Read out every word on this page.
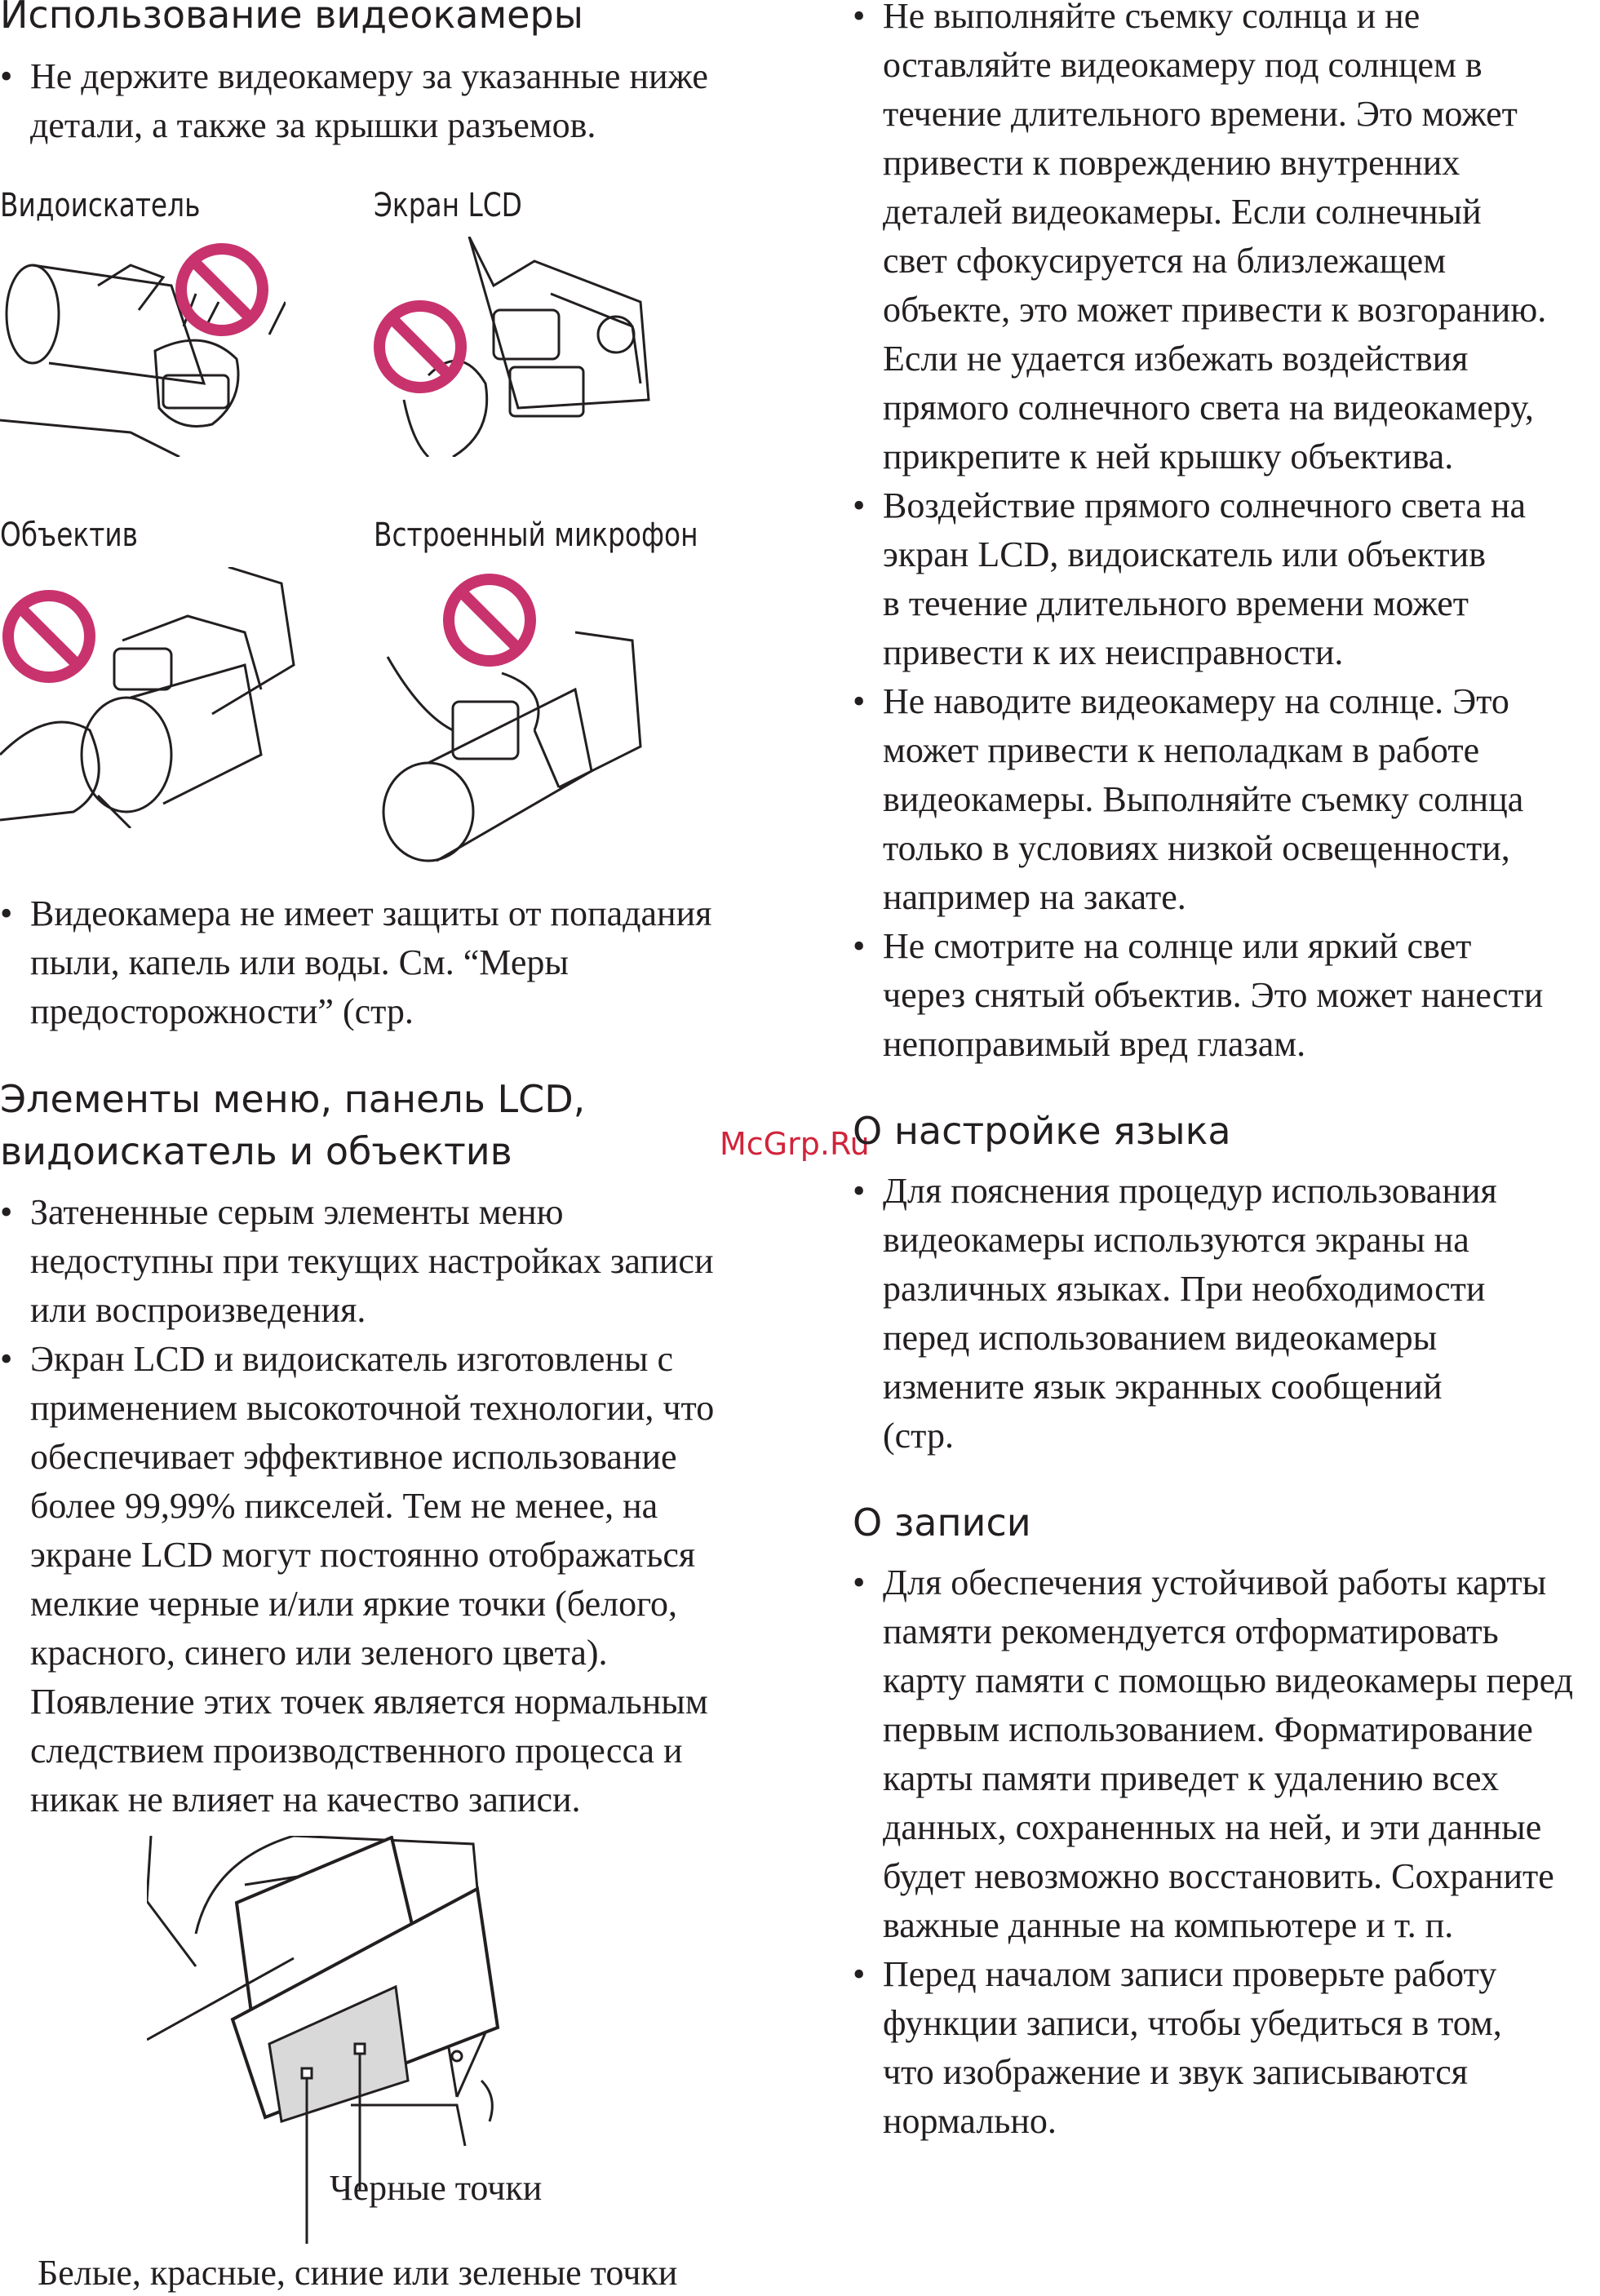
Использование видеокамеры
• Не держите видеокамеру за указанные ниже
детали, а также за крышки разъемов.
Видоискатель	Экран LCD
Объектив	Встроенный микрофон
• Видеокамера не имеет защиты от попадания
пыли, капель или воды. См. “Меры
предосторожности” (стр.
Элементы меню, панель LCD,
видоискатель и объектив
• Затененные серым элементы меню
недоступны при текущих настройках записи
или воспроизведения.
• Экран LCD и видоискатель изготовлены с
применением высокоточной технологии, что
обеспечивает эффективное использование
более 99,99% пикселей. Тем не менее, на
экране LCD могут постоянно отображаться
мелкие черные и/или яркие точки (белого,
красного, синего или зеленого цвета).
Появление этих точек является нормальным
следствием производственного процесса и
никак не влияет на качество записи.
Черные точки
Белые, красные, синие или зеленые точки
McGrp.Ru
• Не выполняйте съемку солнца и не
оставляйте видеокамеру под солнцем в
течение длительного времени. Это может
привести к повреждению внутренних
деталей видеокамеры. Если солнечный
свет сфокусируется на близлежащем
объекте, это может привести к возгоранию.
Если не удается избежать воздействия
прямого солнечного света на видеокамеру,
прикрепите к ней крышку объектива.
• Воздействие прямого солнечного света на
экран LCD, видоискатель или объектив
в течение длительного времени может
привести к их неисправности.
• Не наводите видеокамеру на солнце. Это
может привести к неполадкам в работе
видеокамеры. Выполняйте съемку солнца
только в условиях низкой освещенности,
например на закате.
• Не смотрите на солнце или яркий свет
через снятый объектив. Это может нанести
непоправимый вред глазам.
О настройке языка
• Для пояснения процедур использования
видеокамеры используются экраны на
различных языках. При необходимости
перед использованием видеокамеры
измените язык экранных сообщений
(стр.
О записи
• Для обеспечения устойчивой работы карты
памяти рекомендуется отформатировать
карту памяти с помощью видеокамеры перед
первым использованием. Форматирование
карты памяти приведет к удалению всех
данных, сохраненных на ней, и эти данные
будет невозможно восстановить. Сохраните
важные данные на компьютере и т. п.
• Перед началом записи проверьте работу
функции записи, чтобы убедиться в том,
что изображение и звук записываются
нормально.
